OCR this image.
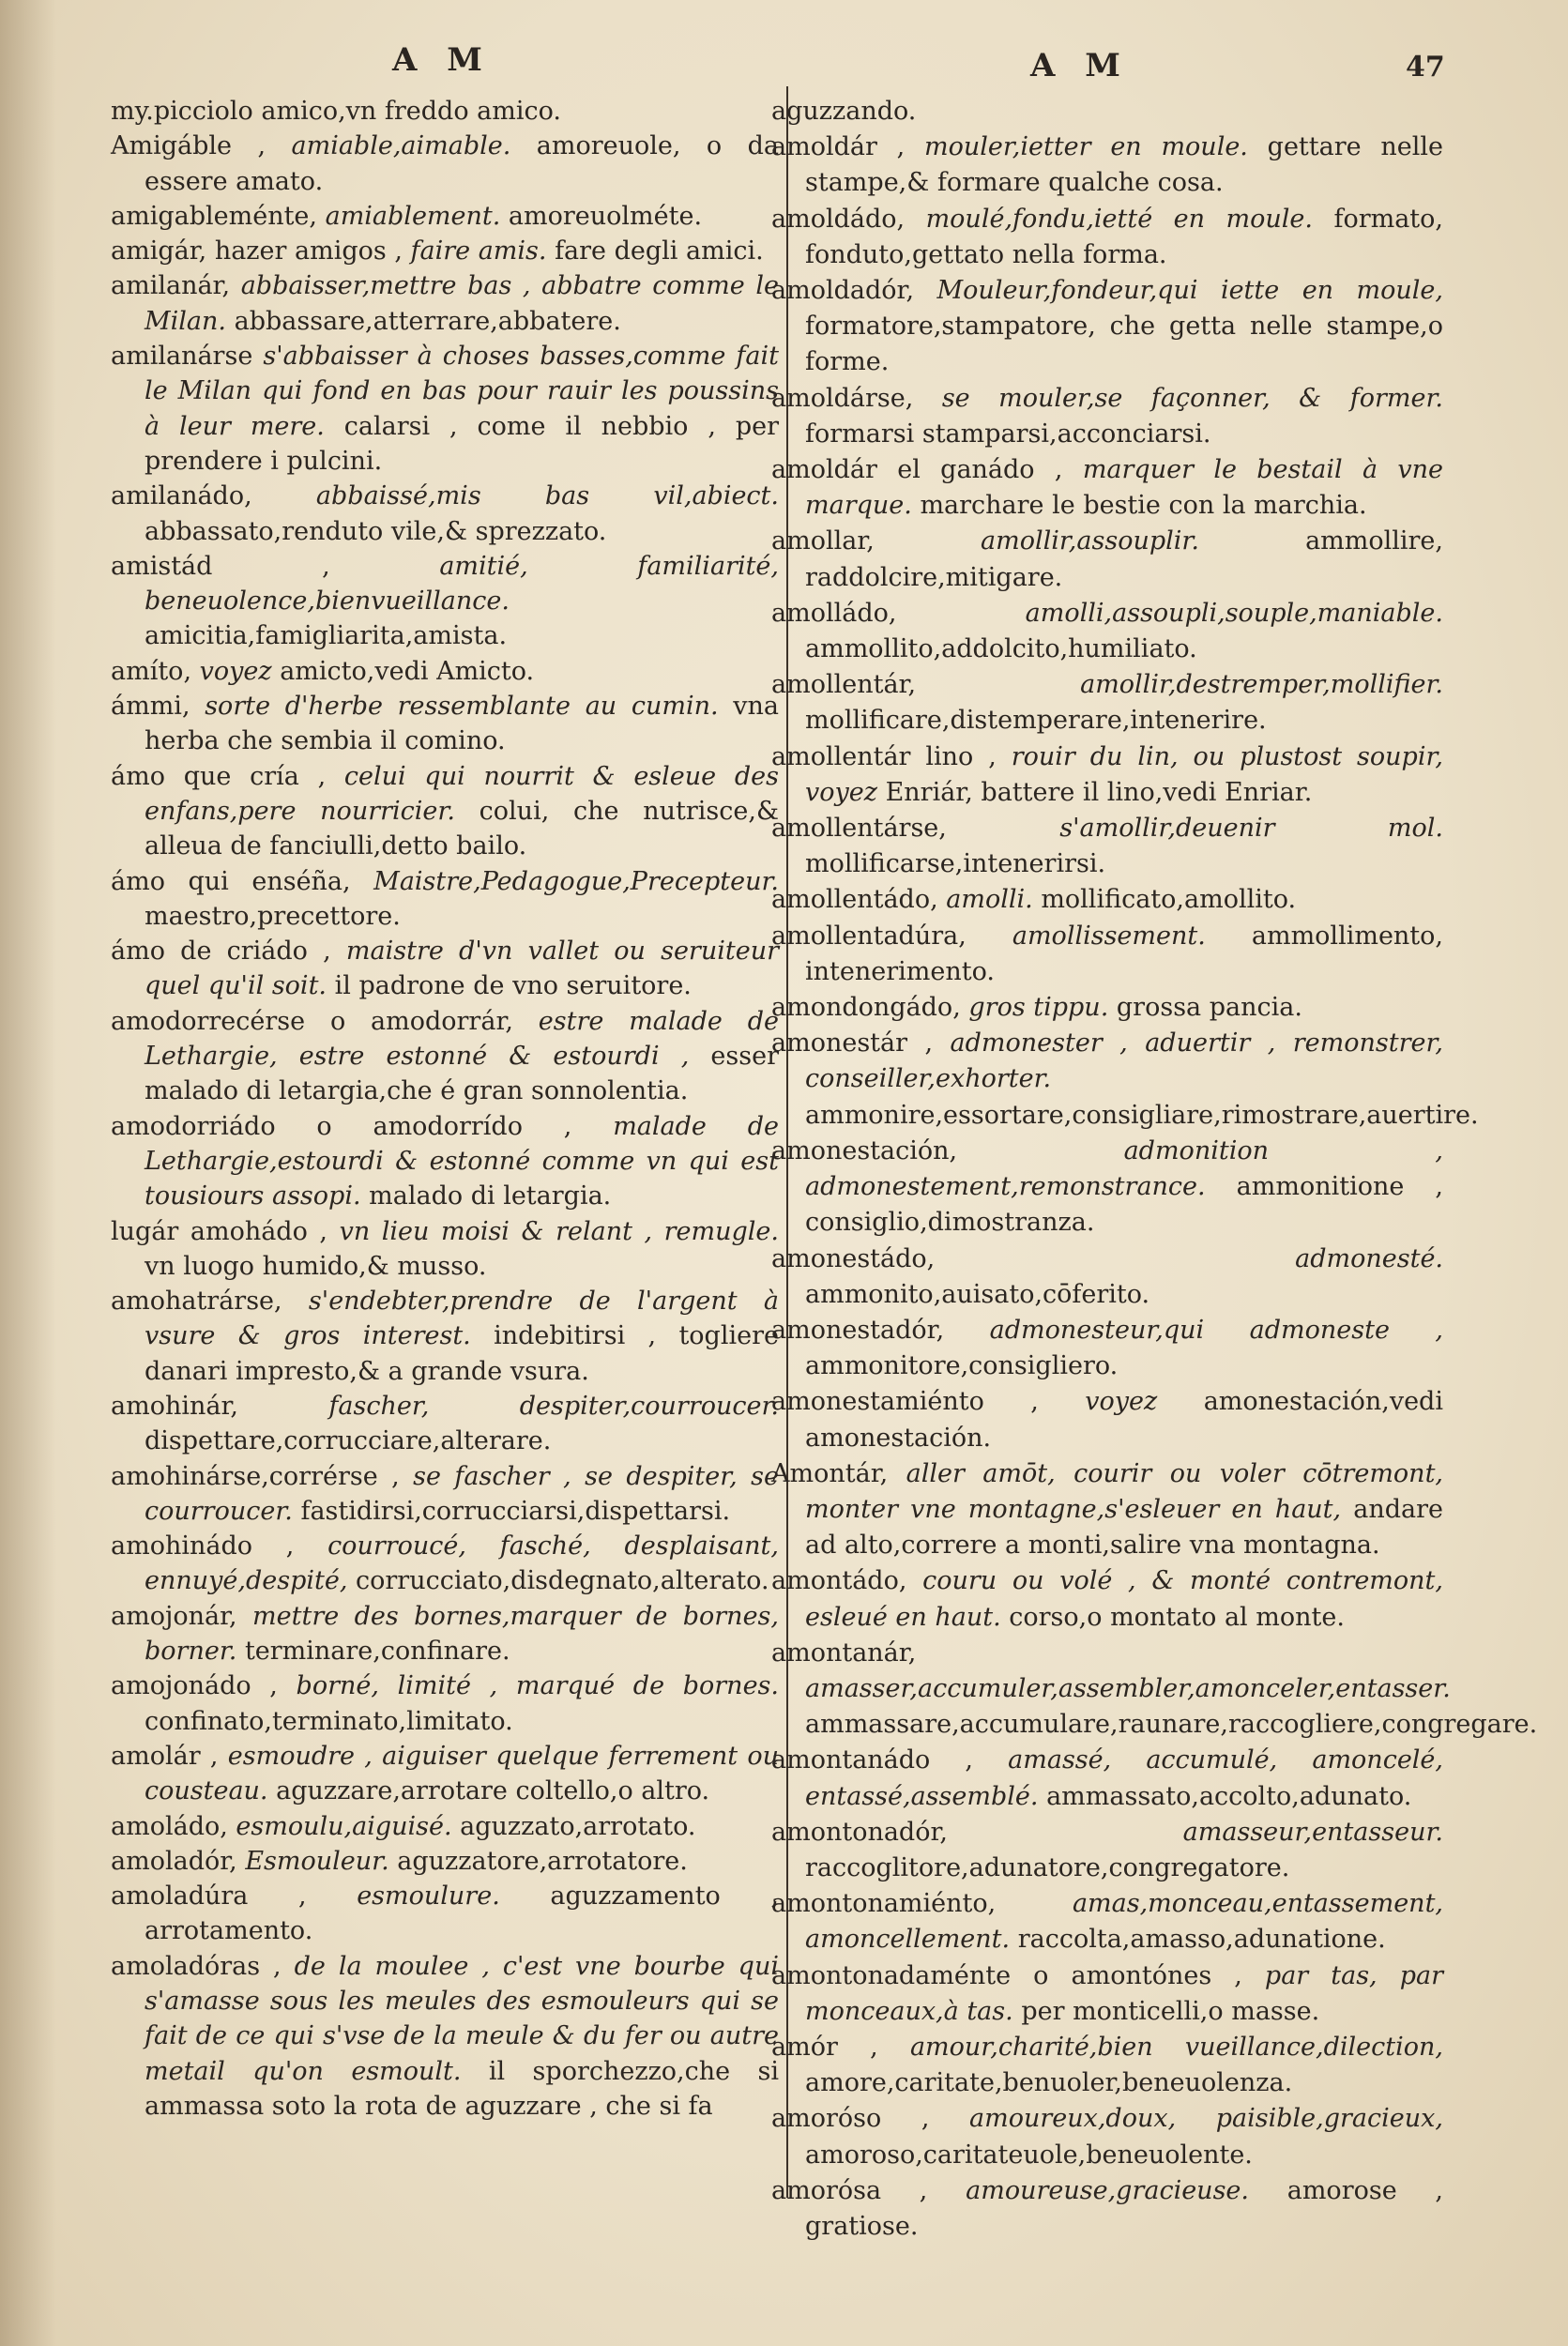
A M	A M	47

my.picciolo amico,vn freddo amico.

Amigáble , amiable,aimable. amoreuole, o da essere amato.

amigableménte, amiablement. amoreuolméte.

amigár, hazer amigos , faire amis. fare degli amici.

amilanár, abbaisser,mettre bas , abbatre comme le Milan. abbassare,atterrare,abbatere.

amilanárse s'abbaisser à choses basses,comme fait le Milan qui fond en bas pour rauir les poussins à leur mere. calarsi , come il nebbio , per prendere i pulcini.

amilanádo,	abbaissé,mis bas vil,abiect. abbassato,renduto vile,& sprezzato.

amistád ,	amitié, familiarité, beneuolence,bienvueillance. amicitia,famigliarita,amista.

amíto, voyez amicto,vedi Amicto.

ámmi, sorte d'herbe ressemblante au cumin. vna herba che sembia il comino.

ámo que cría , celui qui nourrit & esleue des enfans,pere nourricier. colui, che nutrisce,& alleua de fanciulli,detto bailo.

ámo qui enséña, Maistre,Pedagogue,Precepteur. maestro,precettore.

ámo de criádo , maistre d'vn vallet ou seruiteur quel qu'il soit. il padrone de vno seruitore.

amodorrecérse o amodorrár, estre malade de Lethargie, estre estonné & estourdi , esser malado di letargia,che é gran sonnolentia.

amodorriádo o amodorrído , malade de Lethargie,estourdi & estonné comme vn qui est tousiours assopi. malado di letargia.

lugár amohádo , vn lieu moisi & relant , remugle. vn luogo humido,& musso.

amohatrárse, s'endebter,prendre de l'argent à vsure & gros interest. indebitirsi , togliere danari impresto,& a grande vsura.

amohinár,	fascher, despiter,courroucer. dispettare,corrucciare,alterare.

amohinárse,corrérse , se fascher , se despiter, se courroucer. fastidirsi,corrucciarsi,dispettarsi.

amohinádo , courroucé, fasché, desplaisant, ennuyé,despité, corrucciato,disdegnato,alterato.

amojonár, mettre des bornes,marquer de bornes, borner. terminare,confinare.

amojonádo , borné, limité , marqué de bornes. confinato,terminato,limitato.

amolár , esmoudre , aiguiser quelque ferrement ou cousteau. aguzzare,arrotare coltello,o altro.

amoládo, esmoulu,aiguisé. aguzzato,arrotato.

amoladór, Esmouleur. aguzzatore,arrotatore.

amoladúra , esmoulure. aguzzamento , arrotamento.

amoladóras , de la moulee , c'est vne bourbe qui s'amasse sous les meules des esmouleurs qui se fait de ce qui s'vse de la meule & du fer ou autre metail qu'on esmoult. il sporchezzo,che si ammassa soto la rota de aguzzare , che si fa

aguzzando.

amoldár , mouler,ietter en moule. gettare nelle stampe,& formare qualche cosa.

amoldádo, moulé,fondu,ietté en moule. formato, fonduto,gettato nella forma.

amoldadór, Mouleur,fondeur,qui iette en moule, formatore,stampatore, che getta nelle stampe,o forme.

amoldárse, se mouler,se façonner, & former. formarsi stamparsi,acconciarsi.

amoldár el ganádo , marquer le bestail à vne marque. marchare le bestie con la marchia.

amollar,	amollir,assouplir.	ammollire, raddolcire,mitigare.

amolládo,	amolli,assoupli,souple,maniable. ammollito,addolcito,humiliato.

amollentár,	amollir,destremper,mollifier. mollificare,distemperare,intenerire.

amollentár lino , rouir du lin, ou plustost soupir, voyez Enriár, battere il lino,vedi Enriar.

amollentárse,	s'amollir,deuenir mol. mollificarse,intenerirsi.

amollentádo, amolli. mollificato,amollito.

amollentadúra, amollissement. ammollimento, intenerimento.

amondongádo, gros tippu. grossa pancia.

amonestár , admonester , aduertir , remonstrer, conseiller,exhorter. ammonire,essortare,consigliare,rimostrare,auertire.

amonestación,	admonition , admonestement,remonstrance. ammonitione , consiglio,dimostranza.

amonestádo,	admonesté. ammonito,auisato,cōferito.

amonestadór, admonesteur,qui admoneste , ammonitore,consigliero.

amonestamiénto , voyez amonestación,vedi amonestación.

Amontár, aller amōt, courir ou voler cōtremont, monter vne montagne,s'esleuer en haut, andare ad alto,correre a monti,salire vna montagna.

amontádo, couru ou volé , & monté contremont, esleué en haut. corso,o montato al monte.

amontanár, amasser,accumuler,assembler,amonceler,entasser. ammassare,accumulare,raunare,raccogliere,congregare.

amontanádo , amassé, accumulé, amoncelé, entassé,assemblé. ammassato,accolto,adunato.

amontonadór,	amasseur,entasseur. raccoglitore,adunatore,congregatore.

amontonamiénto,	amas,monceau,entassement, amoncellement. raccolta,amasso,adunatione.

amontonadaménte o amontónes , par tas, par monceaux,à tas. per monticelli,o masse.

amór , amour,charité,bien vueillance,dilection, amore,caritate,benuoler,beneuolenza.

amoróso , amoureux,doux, paisible,gracieux, amoroso,caritateuole,beneuolente.

amorósa , amoureuse,gracieuse. amorose , gratiose.
